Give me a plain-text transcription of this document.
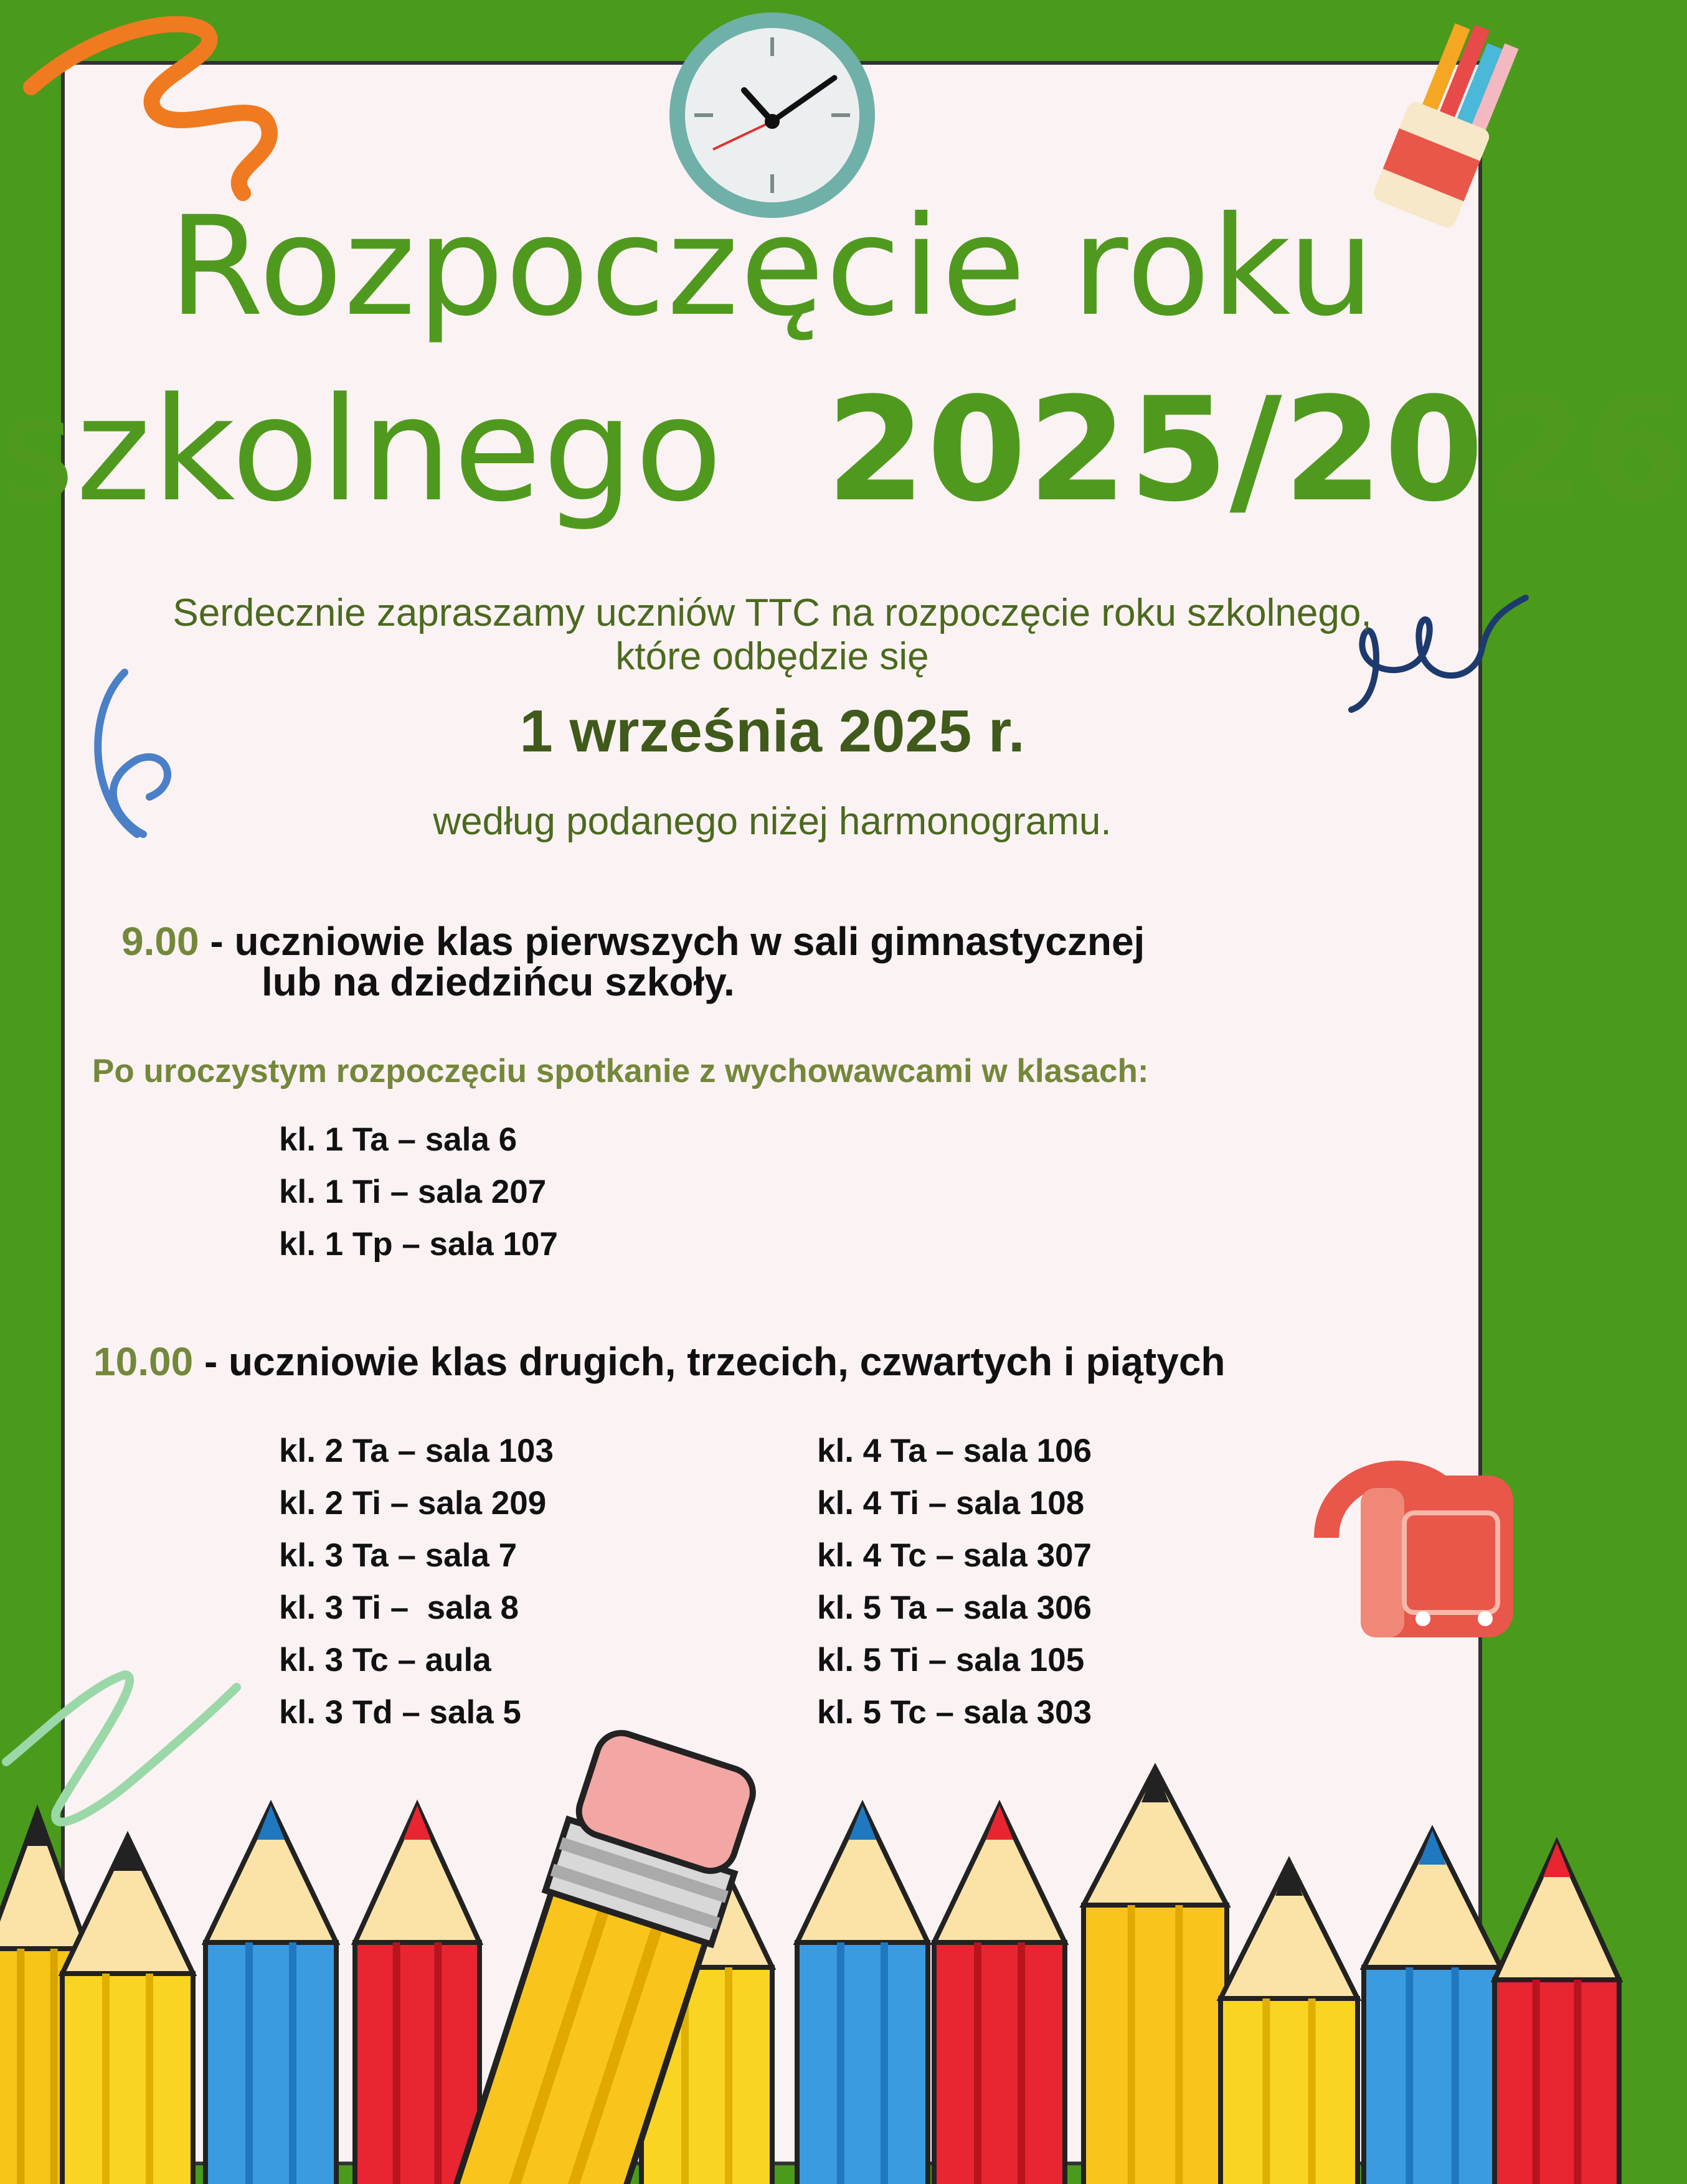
Rozpoczęcie roku
szkolnego 2025/2026
Serdecznie zapraszamy uczniów TTC na rozpoczęcie roku szkolnego,
które odbędzie się
1 września 2025 r.
według podanego niżej harmonogramu.
9.00 - uczniowie klas pierwszych w sali gimnastycznej
lub na dziedzińcu szkoły.
Po uroczystym rozpoczęciu spotkanie z wychowawcami w klasach:
kl. 1 Ta – sala 6
kl. 1 Ti – sala 207
kl. 1 Tp – sala 107
10.00 - uczniowie klas drugich, trzecich, czwartych i piątych
kl. 2 Ta – sala 103
kl. 2 Ti – sala 209
kl. 3 Ta – sala 7
kl. 3 Ti –  sala 8
kl. 3 Tc – aula
kl. 3 Td – sala 5
kl. 4 Ta – sala 106
kl. 4 Ti – sala 108
kl. 4 Tc – sala 307
kl. 5 Ta – sala 306
kl. 5 Ti – sala 105
kl. 5 Tc – sala 303
